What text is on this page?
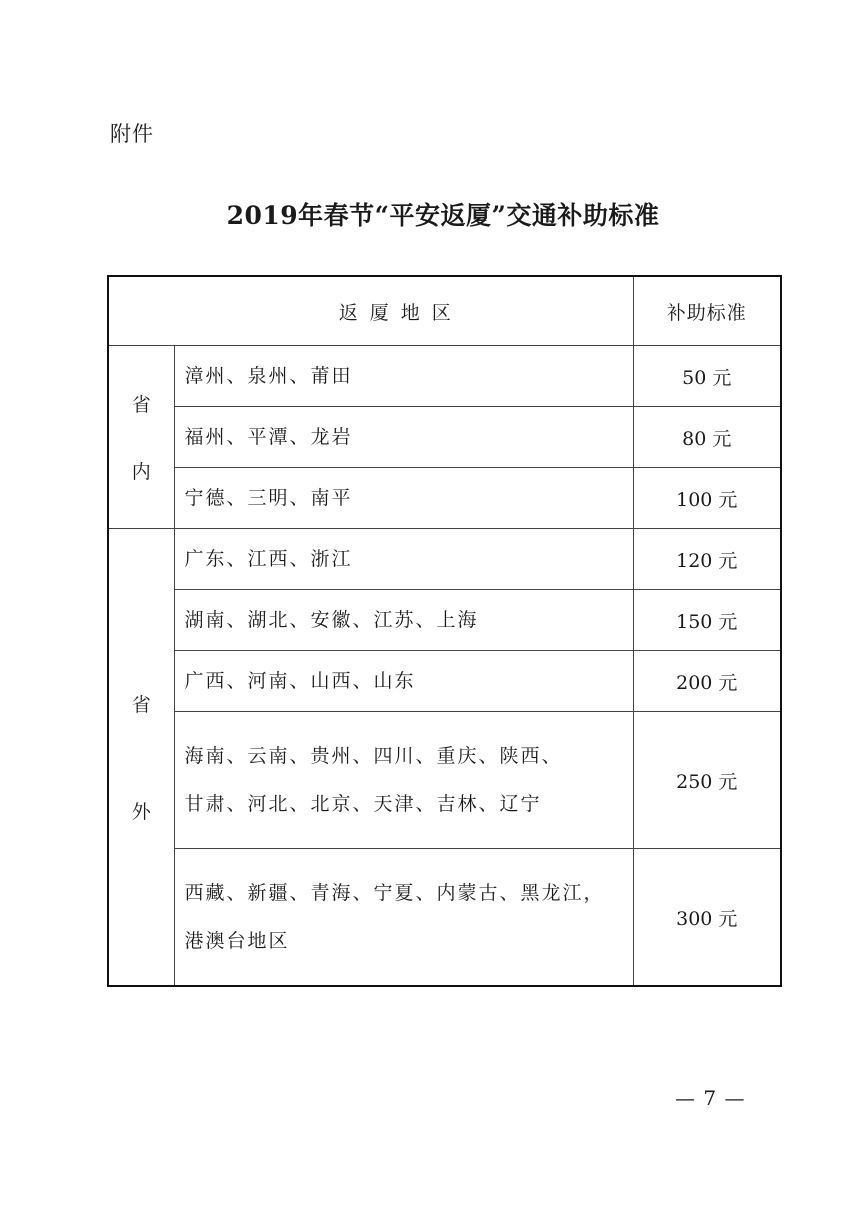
附件
2019年春节“平安返厦”交通补助标准
返厦地区		补助标准

省
内	漳州、泉州、莆田	50 元
	福州、平潭、龙岩	80 元
	宁德、三明、南平	100 元

省
外	广东、江西、浙江	120 元
	湖南、湖北、安徽、江苏、上海	150 元
	广西、河南、山西、山东	200 元

	海南、云南、贵州、四川、重庆、陕西、
甘肃、河北、北京、天津、吉林、辽宁	250 元

	西藏、新疆、青海、宁夏、内蒙古、黑龙江，
港澳台地区	300 元
— 7 —
